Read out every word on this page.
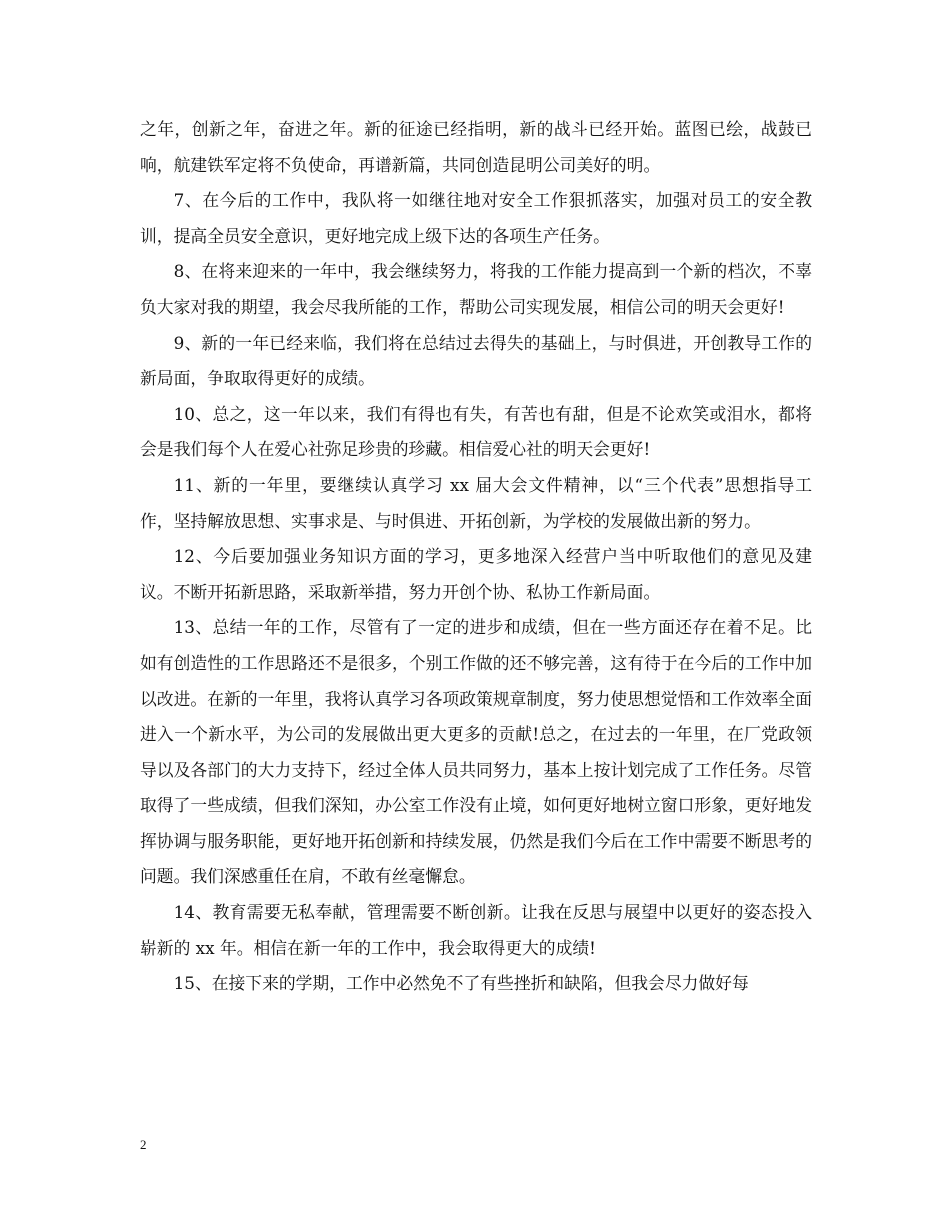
之年，创新之年，奋进之年。新的征途已经指明，新的战斗已经开始。蓝图已绘，战鼓已响，航建铁军定将不负使命，再谱新篇，共同创造昆明公司美好的明。

7、在今后的工作中，我队将一如继往地对安全工作狠抓落实，加强对员工的安全教训，提高全员安全意识，更好地完成上级下达的各项生产任务。

8、在将来迎来的一年中，我会继续努力，将我的工作能力提高到一个新的档次，不辜负大家对我的期望，我会尽我所能的工作，帮助公司实现发展，相信公司的明天会更好!

9、新的一年已经来临，我们将在总结过去得失的基础上，与时俱进，开创教导工作的新局面，争取取得更好的成绩。

10、总之，这一年以来，我们有得也有失，有苦也有甜，但是不论欢笑或泪水，都将会是我们每个人在爱心社弥足珍贵的珍藏。相信爱心社的明天会更好!

11、新的一年里，要继续认真学习 xx 届大会文件精神，以“三个代表”思想指导工作，坚持解放思想、实事求是、与时俱进、开拓创新，为学校的发展做出新的努力。

12、今后要加强业务知识方面的学习，更多地深入经营户当中听取他们的意见及建议。不断开拓新思路，采取新举措，努力开创个协、私协工作新局面。

13、总结一年的工作，尽管有了一定的进步和成绩，但在一些方面还存在着不足。比如有创造性的工作思路还不是很多，个别工作做的还不够完善，这有待于在今后的工作中加以改进。在新的一年里，我将认真学习各项政策规章制度，努力使思想觉悟和工作效率全面进入一个新水平，为公司的发展做出更大更多的贡献!总之，在过去的一年里，在厂党政领导以及各部门的大力支持下，经过全体人员共同努力，基本上按计划完成了工作任务。尽管取得了一些成绩，但我们深知，办公室工作没有止境，如何更好地树立窗口形象，更好地发挥协调与服务职能，更好地开拓创新和持续发展，仍然是我们今后在工作中需要不断思考的问题。我们深感重任在肩，不敢有丝毫懈怠。

14、教育需要无私奉献，管理需要不断创新。让我在反思与展望中以更好的姿态投入崭新的 xx 年。相信在新一年的工作中，我会取得更大的成绩!

15、在接下来的学期，工作中必然免不了有些挫折和缺陷，但我会尽力做好每

2
